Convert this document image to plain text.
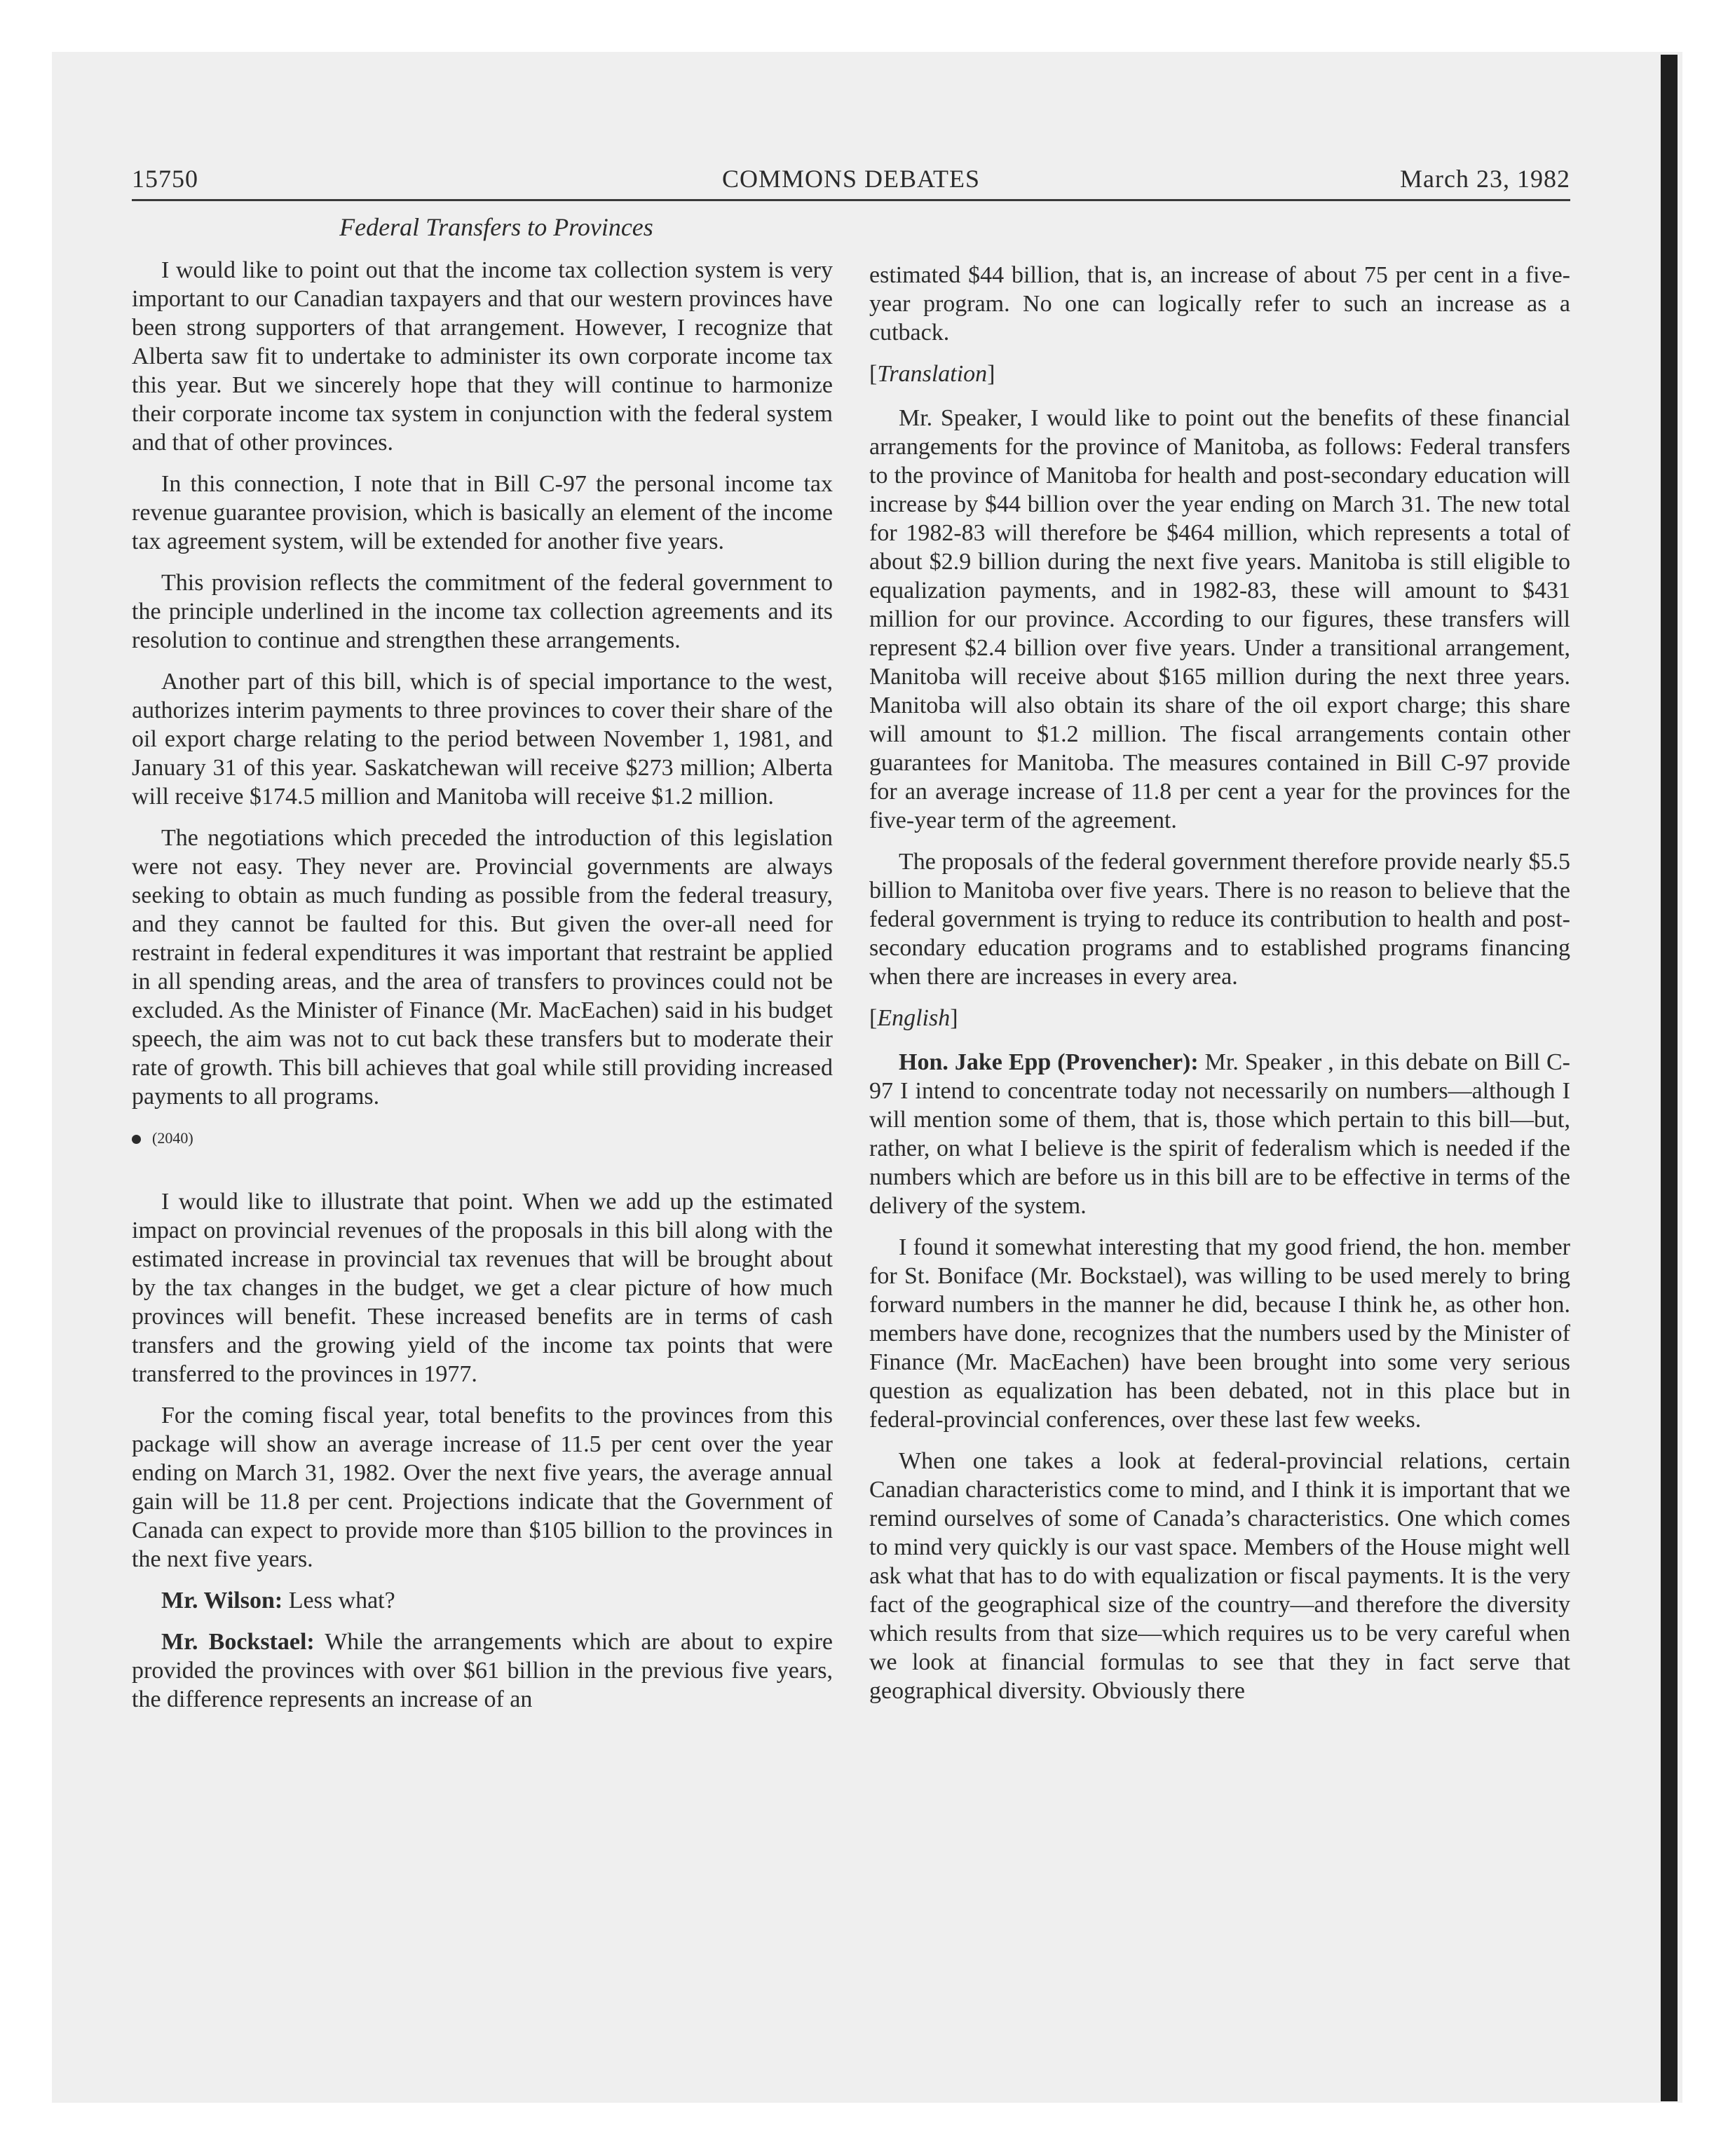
15750	COMMONS DEBATES	March 23, 1982
Federal Transfers to Provinces

I would like to point out that the income tax collection system is very important to our Canadian taxpayers and that our western provinces have been strong supporters of that arrangement. However, I recognize that Alberta saw fit to undertake to administer its own corporate income tax this year. But we sincerely hope that they will continue to harmonize their corporate income tax system in conjunction with the federal system and that of other provinces.

In this connection, I note that in Bill C-97 the personal income tax revenue guarantee provision, which is basically an element of the income tax agreement system, will be extended for another five years.

This provision reflects the commitment of the federal government to the principle underlined in the income tax collection agreements and its resolution to continue and strengthen these arrangements.

Another part of this bill, which is of special importance to the west, authorizes interim payments to three provinces to cover their share of the oil export charge relating to the period between November 1, 1981, and January 31 of this year. Saskatchewan will receive $273 million; Alberta will receive $174.5 million and Manitoba will receive $1.2 million.

The negotiations which preceded the introduction of this legislation were not easy. They never are. Provincial governments are always seeking to obtain as much funding as possible from the federal treasury, and they cannot be faulted for this. But given the over-all need for restraint in federal expenditures it was important that restraint be applied in all spending areas, and the area of transfers to provinces could not be excluded. As the Minister of Finance (Mr. MacEachen) said in his budget speech, the aim was not to cut back these transfers but to moderate their rate of growth. This bill achieves that goal while still providing increased payments to all programs.

(2040)

I would like to illustrate that point. When we add up the estimated impact on provincial revenues of the proposals in this bill along with the estimated increase in provincial tax revenues that will be brought about by the tax changes in the budget, we get a clear picture of how much provinces will benefit. These increased benefits are in terms of cash transfers and the growing yield of the income tax points that were transferred to the provinces in 1977.

For the coming fiscal year, total benefits to the provinces from this package will show an average increase of 11.5 per cent over the year ending on March 31, 1982. Over the next five years, the average annual gain will be 11.8 per cent. Projections indicate that the Government of Canada can expect to provide more than $105 billion to the provinces in the next five years.

Mr. Wilson: Less what?

Mr. Bockstael: While the arrangements which are about to expire provided the provinces with over $61 billion in the previous five years, the difference represents an increase of an

estimated $44 billion, that is, an increase of about 75 per cent in a five-year program. No one can logically refer to such an increase as a cutback.

[Translation]

Mr. Speaker, I would like to point out the benefits of these financial arrangements for the province of Manitoba, as follows: Federal transfers to the province of Manitoba for health and post-secondary education will increase by $44 billion over the year ending on March 31. The new total for 1982-83 will therefore be $464 million, which represents a total of about $2.9 billion during the next five years. Manitoba is still eligible to equalization payments, and in 1982-83, these will amount to $431 million for our province. According to our figures, these transfers will represent $2.4 billion over five years. Under a transitional arrangement, Manitoba will receive about $165 million during the next three years. Manitoba will also obtain its share of the oil export charge; this share will amount to $1.2 million. The fiscal arrangements contain other guarantees for Manitoba. The measures contained in Bill C-97 provide for an average increase of 11.8 per cent a year for the provinces for the five-year term of the agreement.

The proposals of the federal government therefore provide nearly $5.5 billion to Manitoba over five years. There is no reason to believe that the federal government is trying to reduce its contribution to health and post-secondary education programs and to established programs financing when there are increases in every area.

[English]

Hon. Jake Epp (Provencher): Mr. Speaker , in this debate on Bill C-97 I intend to concentrate today not necessarily on numbers—although I will mention some of them, that is, those which pertain to this bill—but, rather, on what I believe is the spirit of federalism which is needed if the numbers which are before us in this bill are to be effective in terms of the delivery of the system.

I found it somewhat interesting that my good friend, the hon. member for St. Boniface (Mr. Bockstael), was willing to be used merely to bring forward numbers in the manner he did, because I think he, as other hon. members have done, recognizes that the numbers used by the Minister of Finance (Mr. MacEachen) have been brought into some very serious question as equalization has been debated, not in this place but in federal-provincial conferences, over these last few weeks.

When one takes a look at federal-provincial relations, certain Canadian characteristics come to mind, and I think it is important that we remind ourselves of some of Canada’s characteristics. One which comes to mind very quickly is our vast space. Members of the House might well ask what that has to do with equalization or fiscal payments. It is the very fact of the geographical size of the country—and therefore the diversity which results from that size—which requires us to be very careful when we look at financial formulas to see that they in fact serve that geographical diversity. Obviously there
